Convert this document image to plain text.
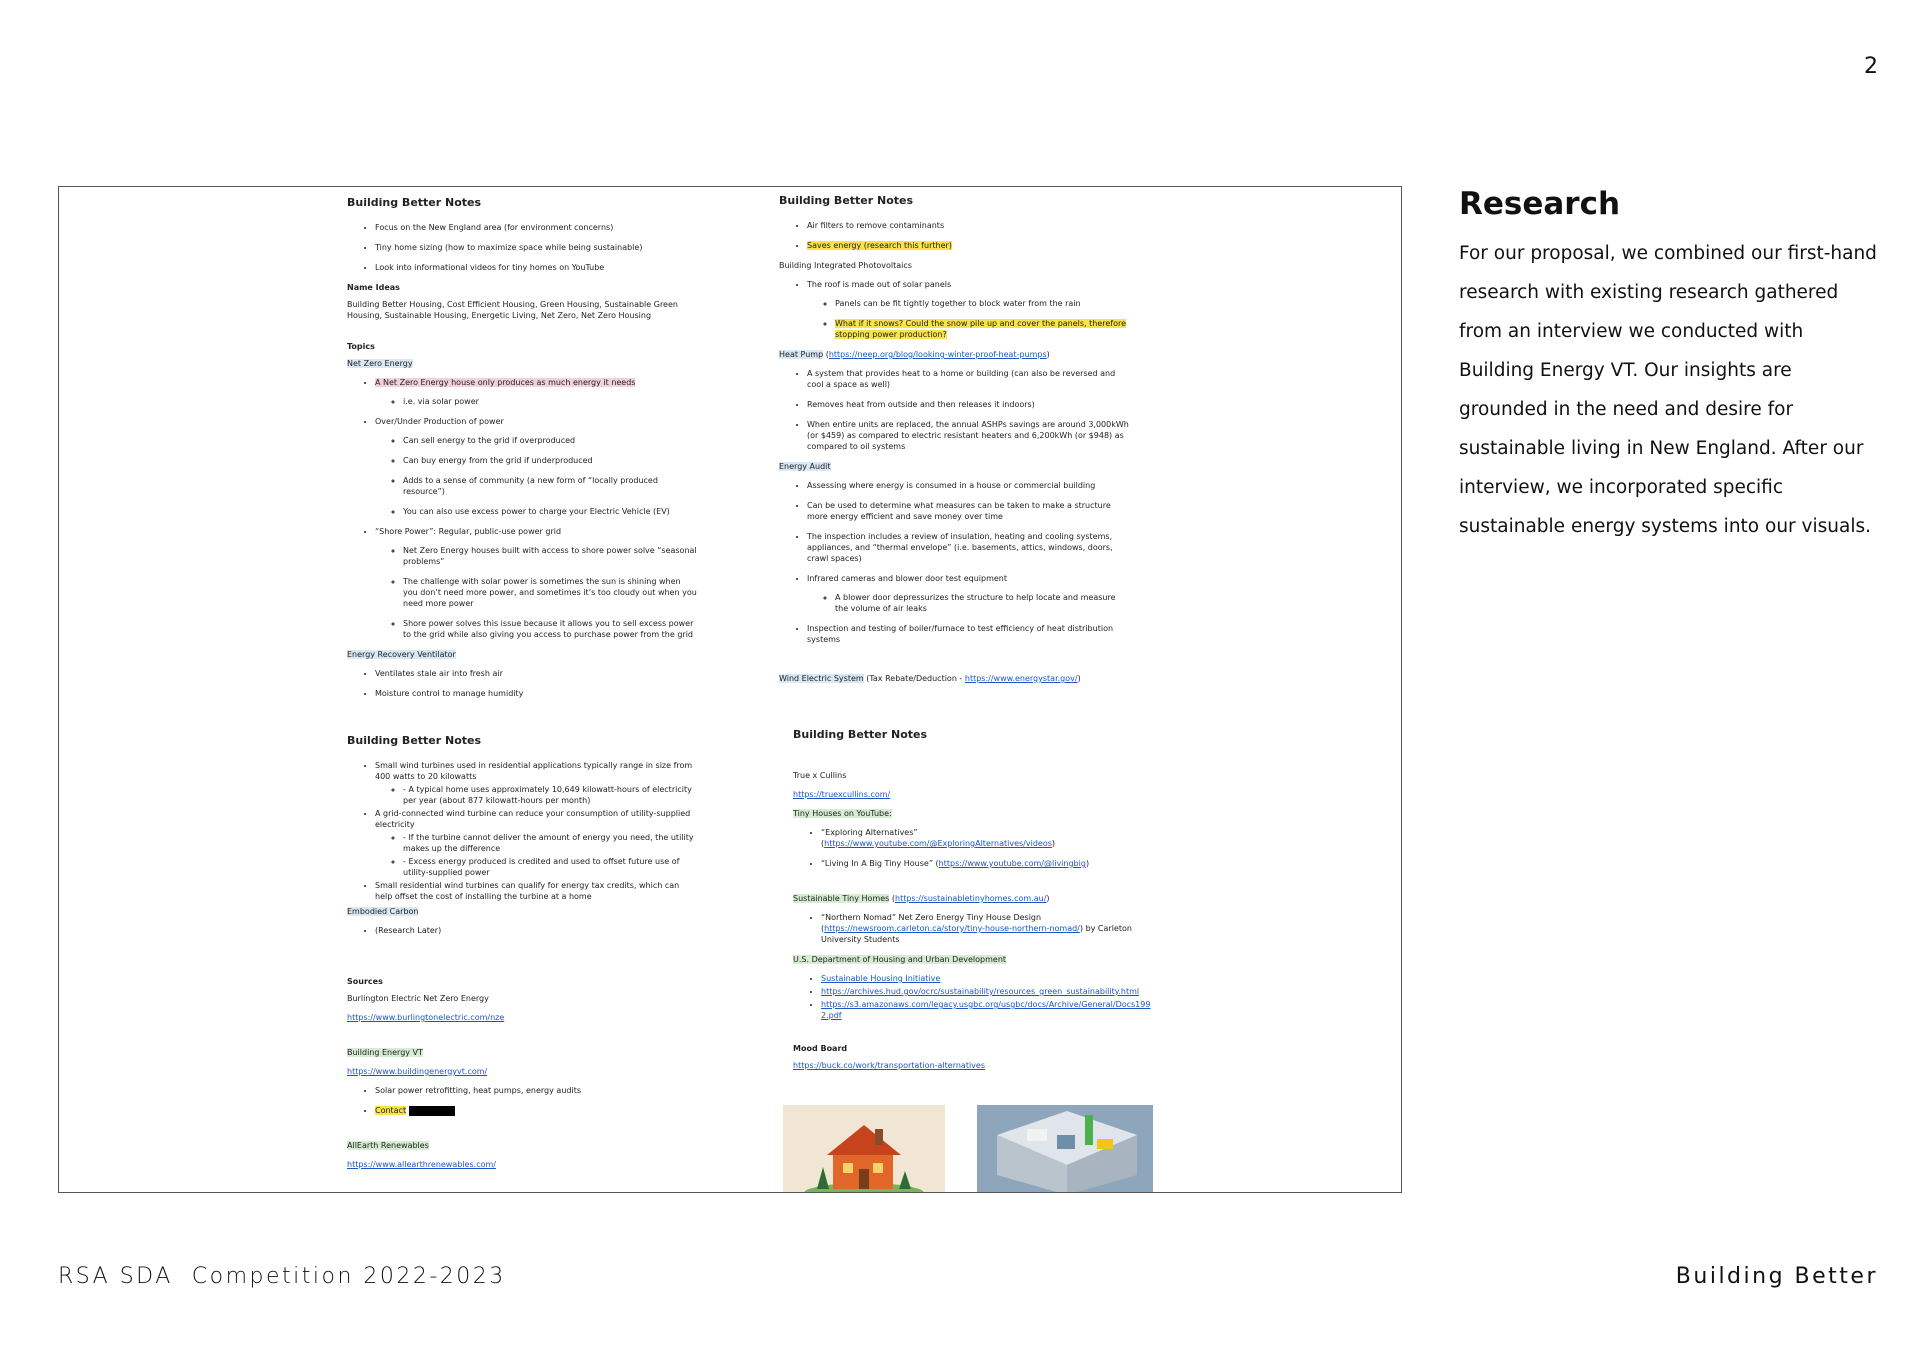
2
Building Better Notes
• Focus on the New England area (for environment concerns)
• Tiny home sizing (how to maximize space while being sustainable)
• Look into informational videos for tiny homes on YouTube
Name Ideas

Building Better Housing, Cost Efficient Housing, Green Housing, Sustainable Green Housing, Sustainable Housing, Energetic Living, Net Zero, Net Zero Housing

Topics

Net Zero Energy

• A Net Zero Energy house only produces as much energy it needs
◦ i.e. via solar power
• Over/Under Production of power
◦ Can sell energy to the grid if overproduced
◦ Can buy energy from the grid if underproduced
◦ Adds to a sense of community (a new form of “locally produced resource”)
◦ You can also use excess power to charge your Electric Vehicle (EV)
• “Shore Power”: Regular, public-use power grid
◦ Net Zero Energy houses built with access to shore power solve “seasonal problems”
◦ The challenge with solar power is sometimes the sun is shining when you don’t need more power, and sometimes it’s too cloudy out when you need more power
◦ Shore power solves this issue because it allows you to sell excess power to the grid while also giving you access to purchase power from the grid

Energy Recovery Ventilator

• Ventilates stale air into fresh air
• Moisture control to manage humidity
Building Better Notes
• Small wind turbines used in residential applications typically range in size from 400 watts to 20 kilowatts
- ◦ A typical home uses approximately 10,649 kilowatt-hours of electricity per year (about 877 kilowatt-hours per month)
• A grid-connected wind turbine can reduce your consumption of utility-supplied electricity
- ◦ If the turbine cannot deliver the amount of energy you need, the utility makes up the difference
- ◦ Excess energy produced is credited and used to offset future use of utility-supplied power
• Small residential wind turbines can qualify for energy tax credits, which can help offset the cost of installing the turbine at a home

Embodied Carbon

• (Research Later)
Sources

Burlington Electric Net Zero Energy

https://www.burlingtonelectric.com/nze

Building Energy VT

https://www.buildingenergyvt.com/

• Solar power retrofitting, heat pumps, energy audits
• Contact

AllEarth Renewables

https://www.allearthrenewables.com/

Building Better Notes
• Air filters to remove contaminants
• Saves energy (research this further)

Building Integrated Photovoltaics

• The roof is made out of solar panels
◦ Panels can be fit tightly together to block water from the rain
◦ What if it snows? Could the snow pile up and cover the panels, therefore stopping power production?

Heat Pump (https://neep.org/blog/looking-winter-proof-heat-pumps)

• A system that provides heat to a home or building (can also be reversed and cool a space as well)
• Removes heat from outside and then releases it indoors)
• When entire units are replaced, the annual ASHPs savings are around 3,000kWh (or $459) as compared to electric resistant heaters and 6,200kWh (or $948) as compared to oil systems

Energy Audit

• Assessing where energy is consumed in a house or commercial building
• Can be used to determine what measures can be taken to make a structure more energy efficient and save money over time
• The inspection includes a review of insulation, heating and cooling systems, appliances, and “thermal envelope” (i.e. basements, attics, windows, doors, crawl spaces)
• Infrared cameras and blower door test equipment
◦ A blower door depressurizes the structure to help locate and measure the volume of air leaks
• Inspection and testing of boiler/furnace to test efficiency of heat distribution systems

Wind Electric System (Tax Rebate/Deduction - https://www.energystar.gov/)

Building Better Notes

True x Cullins

https://truexcullins.com/

Tiny Houses on YouTube:

• “Exploring Alternatives”
(https://www.youtube.com/@ExploringAlternatives/videos)
• “Living In A Big Tiny House” (https://www.youtube.com/@livingbig)

Sustainable Tiny Homes (https://sustainabletinyhomes.com.au/)

• “Northern Nomad” Net Zero Energy Tiny House Design
(https://newsroom.carleton.ca/story/tiny-house-northern-nomad/) by Carleton University Students

U.S. Department of Housing and Urban Development

• Sustainable Housing Initiative
• https://archives.hud.gov/ocrc/sustainability/resources_green_sustainability.html
• https://s3.amazonaws.com/legacy.usgbc.org/usgbc/docs/Archive/General/Docs1992.pdf
Mood Board

https://buck.co/work/transportation-alternatives

Research
For our proposal, we combined our first-hand research with existing research gathered from an interview we conducted with Building Energy VT. Our insights are grounded in the need and desire for sustainable living in New England. After our interview, we incorporated specific sustainable energy systems into our visuals.
RSA SDA  Competition 2022-2023	Building Better
